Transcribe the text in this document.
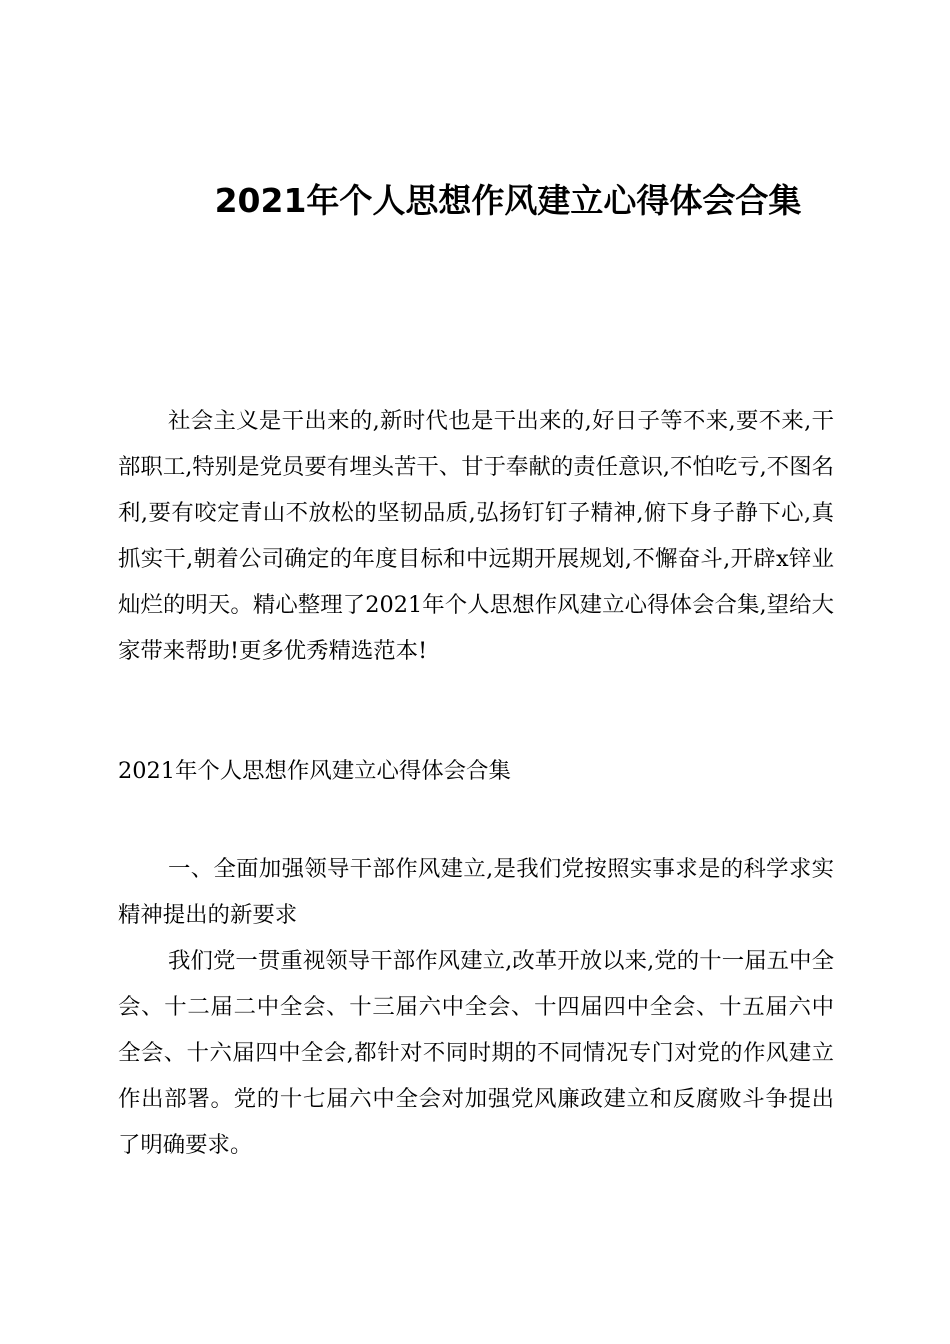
2021年个人思想作风建立心得体会合集

社会主义是干出来的,新时代也是干出来的,好日子等不来,要不来,干部职工,特别是党员要有埋头苦干、甘于奉献的责任意识,不怕吃亏,不图名利,要有咬定青山不放松的坚韧品质,弘扬钉钉子精神,俯下身子静下心,真抓实干,朝着公司确定的年度目标和中远期开展规划,不懈奋斗,开辟x锌业灿烂的明天。精心整理了2021年个人思想作风建立心得体会合集,望给大家带来帮助!更多优秀精选范本!

2021年个人思想作风建立心得体会合集

一、全面加强领导干部作风建立,是我们党按照实事求是的科学求实精神提出的新要求

我们党一贯重视领导干部作风建立,改革开放以来,党的十一届五中全会、十二届二中全会、十三届六中全会、十四届四中全会、十五届六中全会、十六届四中全会,都针对不同时期的不同情况专门对党的作风建立作出部署。党的十七届六中全会对加强党风廉政建立和反腐败斗争提出了明确要求。
